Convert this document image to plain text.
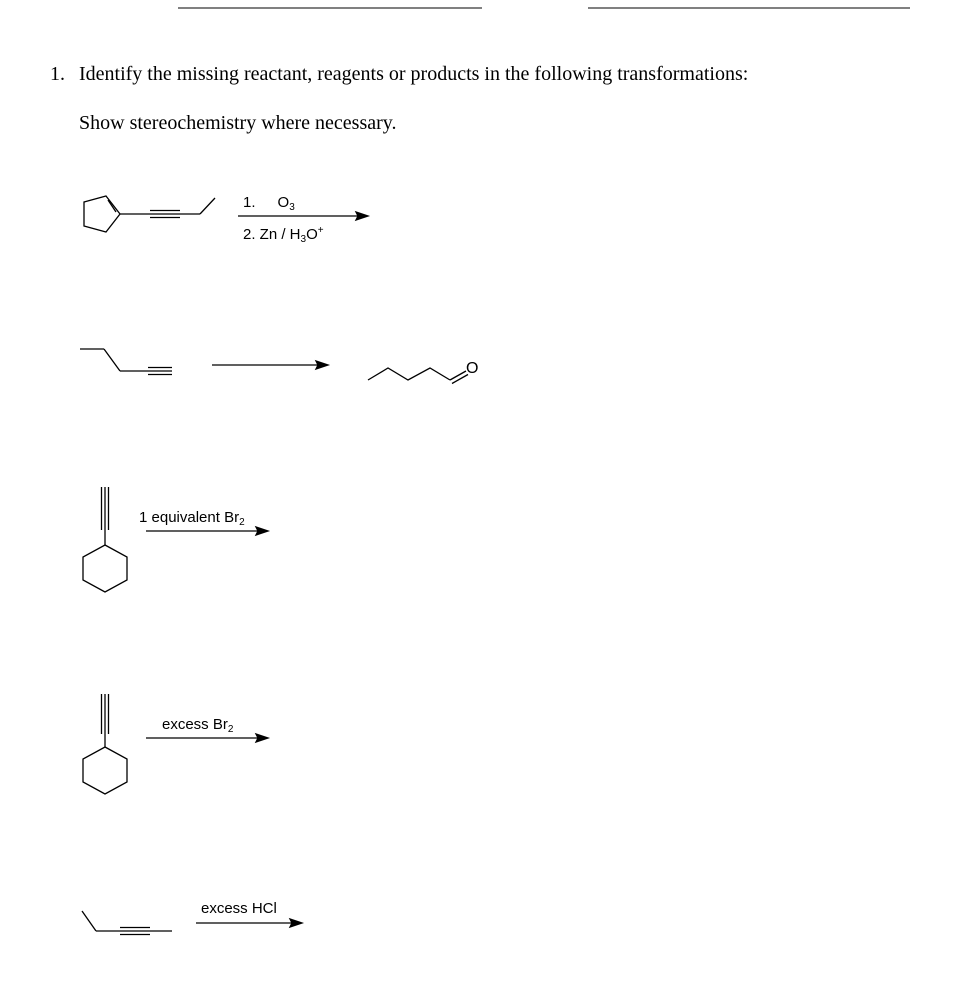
1. Identify the missing reactant, reagents or products in the following transformations:
Show stereochemistry where necessary.
1. $O_3$
2. Zn / $H_3O^+$
O
1 equivalent $Br_2$
excess $Br_2$
excess HCl
